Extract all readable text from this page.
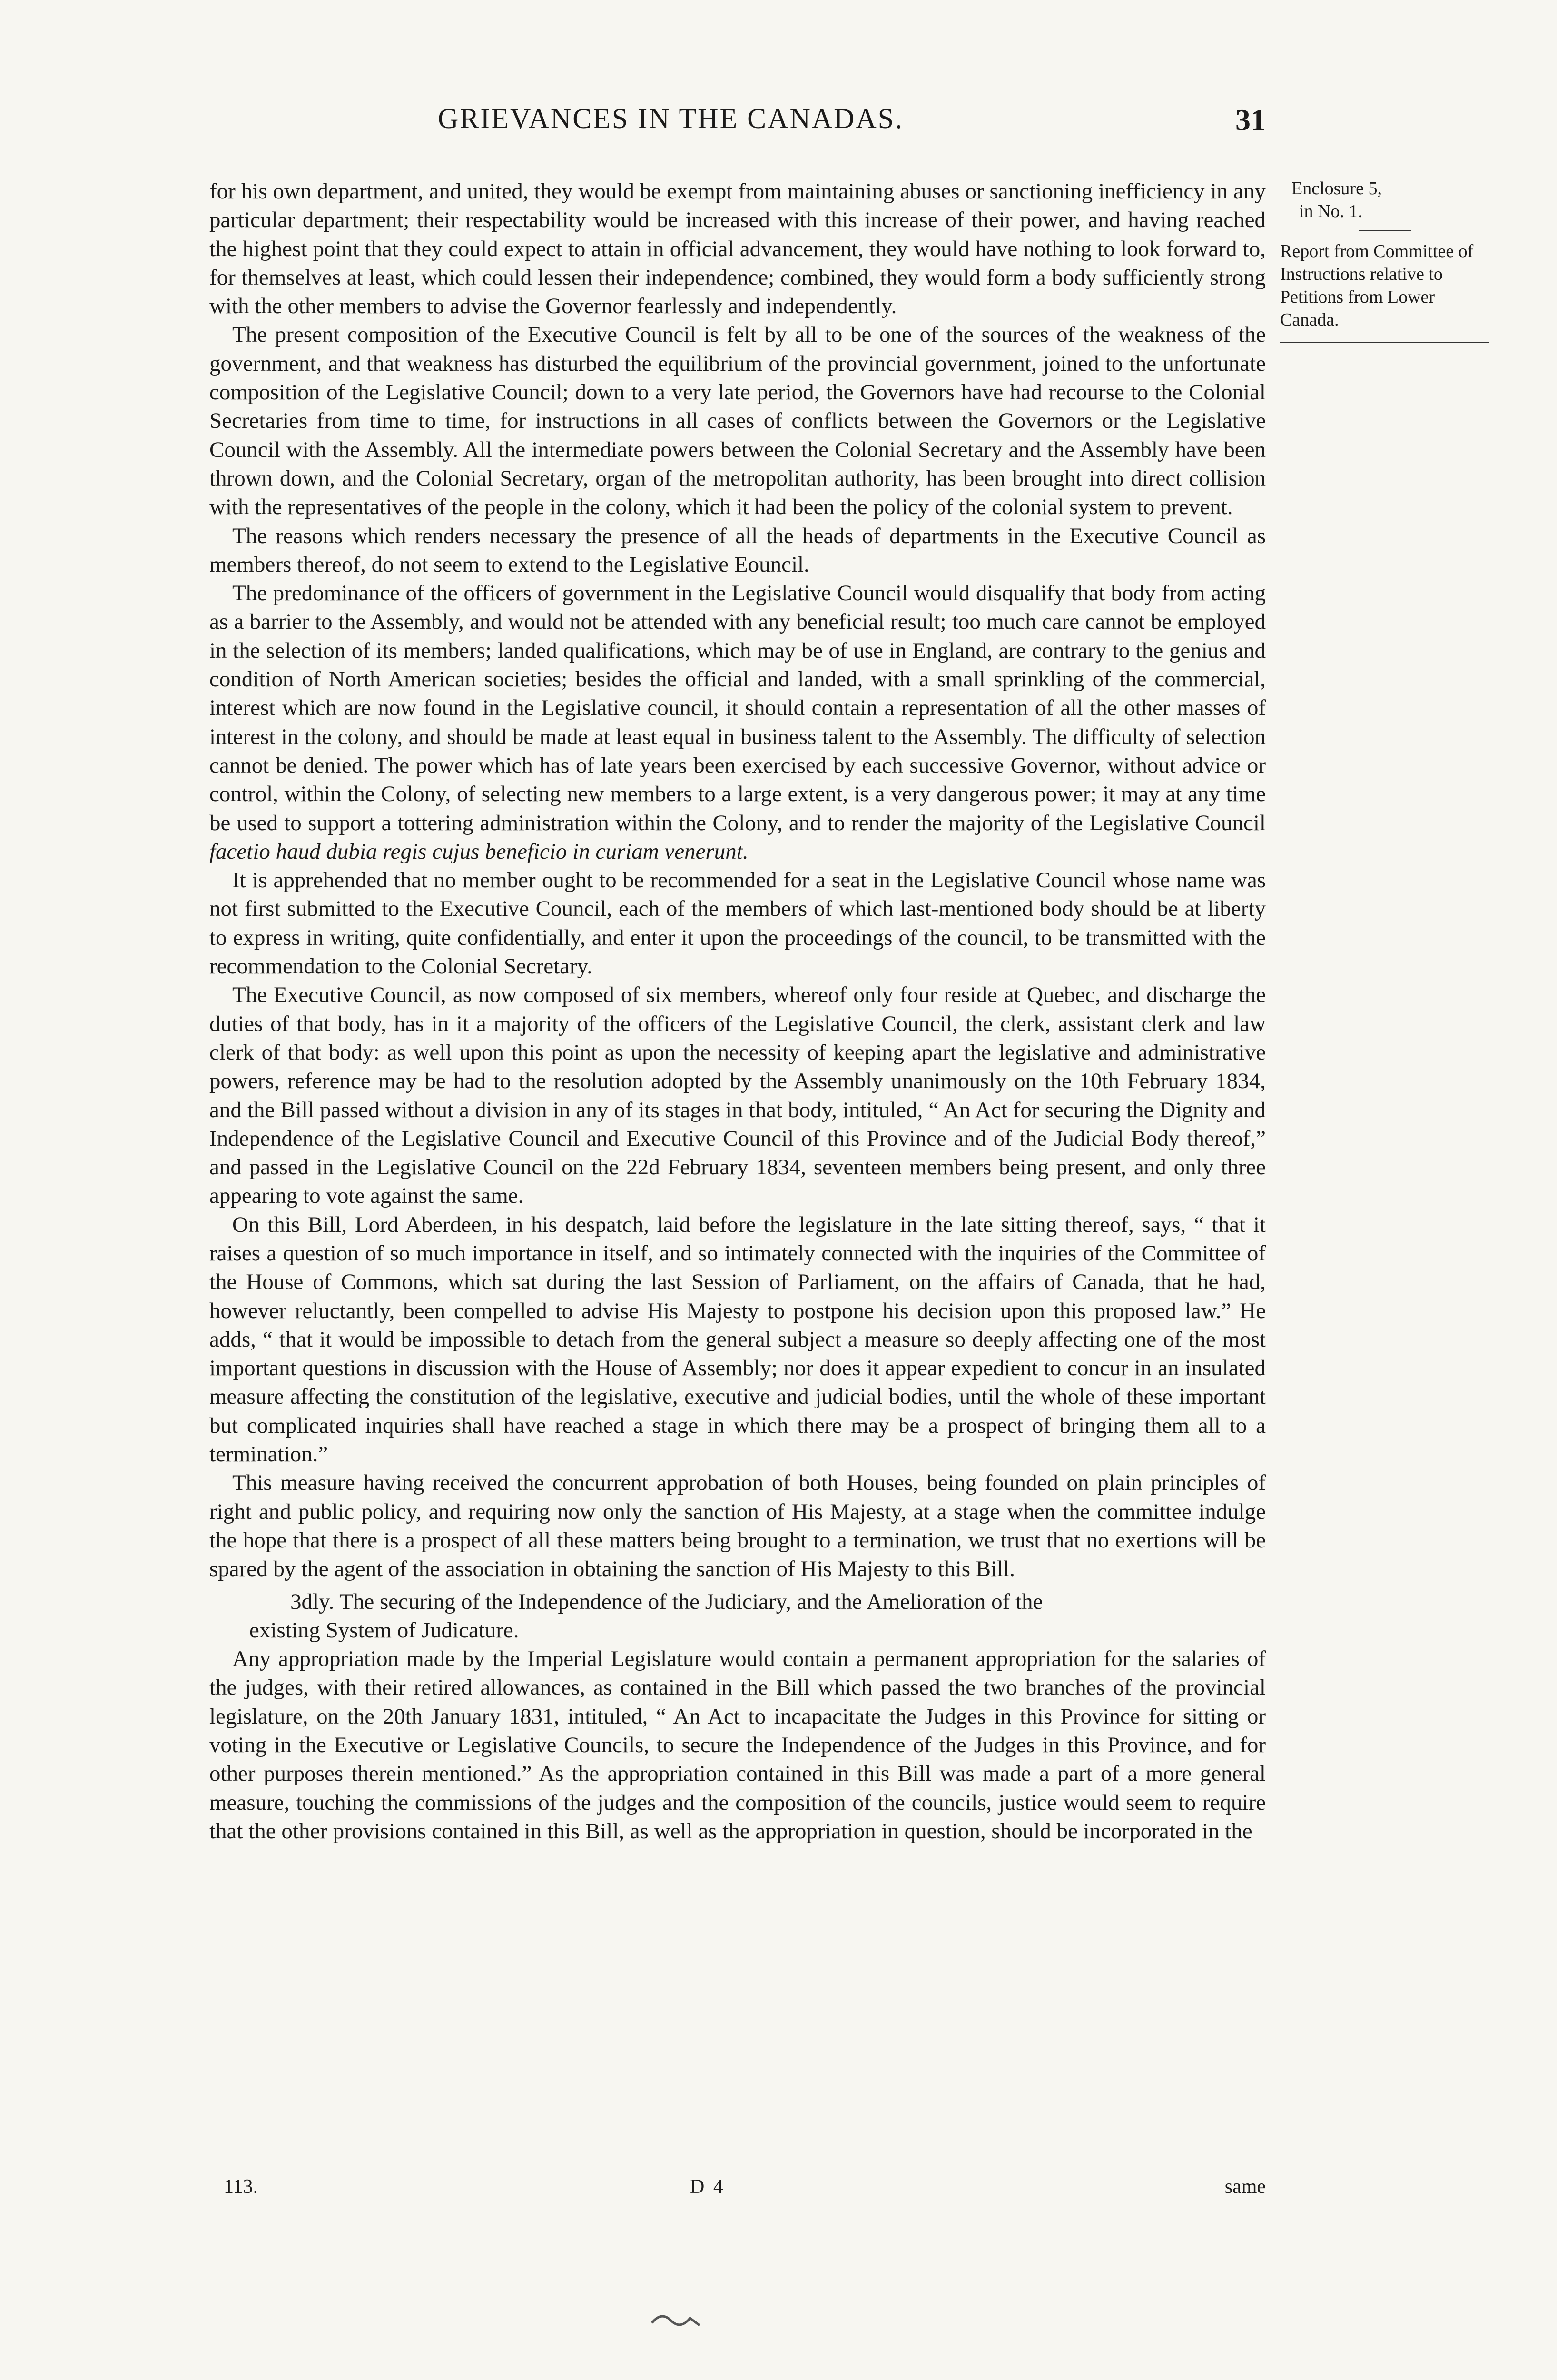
GRIEVANCES IN THE CANADAS.	31

Enclosure 5,

in No. 1.

Report from Committee of Instructions relative to Petitions from Lower Canada.

for his own department, and united, they would be exempt from maintaining abuses or sanctioning inefficiency in any particular department; their respectability would be increased with this increase of their power, and having reached the highest point that they could expect to attain in official advancement, they would have nothing to look forward to, for themselves at least, which could lessen their independence; combined, they would form a body sufficiently strong with the other members to advise the Governor fearlessly and independently.

The present composition of the Executive Council is felt by all to be one of the sources of the weakness of the government, and that weakness has disturbed the equilibrium of the provincial government, joined to the unfortunate composition of the Legislative Council; down to a very late period, the Governors have had recourse to the Colonial Secretaries from time to time, for instructions in all cases of conflicts between the Governors or the Legislative Council with the Assembly. All the intermediate powers between the Colonial Secretary and the Assembly have been thrown down, and the Colonial Secretary, organ of the metropolitan authority, has been brought into direct collision with the representatives of the people in the colony, which it had been the policy of the colonial system to prevent.

The reasons which renders necessary the presence of all the heads of departments in the Executive Council as members thereof, do not seem to extend to the Legislative Eouncil.

The predominance of the officers of government in the Legislative Council would disqualify that body from acting as a barrier to the Assembly, and would not be attended with any beneficial result; too much care cannot be employed in the selection of its members; landed qualifications, which may be of use in England, are contrary to the genius and condition of North American societies; besides the official and landed, with a small sprinkling of the commercial, interest which are now found in the Legislative council, it should contain a representation of all the other masses of interest in the colony, and should be made at least equal in business talent to the Assembly. The difficulty of selection cannot be denied. The power which has of late years been exercised by each successive Governor, without advice or control, within the Colony, of selecting new members to a large extent, is a very dangerous power; it may at any time be used to support a tottering administration within the Colony, and to render the majority of the Legislative Council facetio haud dubia regis cujus beneficio in curiam venerunt.

It is apprehended that no member ought to be recommended for a seat in the Legislative Council whose name was not first submitted to the Executive Council, each of the members of which last-mentioned body should be at liberty to express in writing, quite confidentially, and enter it upon the proceedings of the council, to be transmitted with the recommendation to the Colonial Secretary.

The Executive Council, as now composed of six members, whereof only four reside at Quebec, and discharge the duties of that body, has in it a majority of the officers of the Legislative Council, the clerk, assistant clerk and law clerk of that body: as well upon this point as upon the necessity of keeping apart the legislative and administrative powers, reference may be had to the resolution adopted by the Assembly unanimously on the 10th February 1834, and the Bill passed without a division in any of its stages in that body, intituled, “ An Act for securing the Dignity and Independence of the Legislative Council and Executive Council of this Province and of the Judicial Body thereof,” and passed in the Legislative Council on the 22d February 1834, seventeen members being present, and only three appearing to vote against the same.

On this Bill, Lord Aberdeen, in his despatch, laid before the legislature in the late sitting thereof, says, “ that it raises a question of so much importance in itself, and so intimately connected with the inquiries of the Committee of the House of Commons, which sat during the last Session of Parliament, on the affairs of Canada, that he had, however reluctantly, been compelled to advise His Majesty to postpone his decision upon this proposed law.” He adds, “ that it would be impossible to detach from the general subject a measure so deeply affecting one of the most important questions in discussion with the House of Assembly; nor does it appear expedient to concur in an insulated measure affecting the constitution of the legislative, executive and judicial bodies, until the whole of these important but complicated inquiries shall have reached a stage in which there may be a prospect of bringing them all to a termination.”

This measure having received the concurrent approbation of both Houses, being founded on plain principles of right and public policy, and requiring now only the sanction of His Majesty, at a stage when the committee indulge the hope that there is a prospect of all these matters being brought to a termination, we trust that no exertions will be spared by the agent of the association in obtaining the sanction of His Majesty to this Bill.

3dly. The securing of the Independence of the Judiciary, and the Amelioration of the
existing System of Judicature.

Any appropriation made by the Imperial Legislature would contain a permanent appropriation for the salaries of the judges, with their retired allowances, as contained in the Bill which passed the two branches of the provincial legislature, on the 20th January 1831, intituled, “ An Act to incapacitate the Judges in this Province for sitting or voting in the Executive or Legislative Councils, to secure the Independence of the Judges in this Province, and for other purposes therein mentioned.” As the appropriation contained in this Bill was made a part of a more general measure, touching the commissions of the judges and the composition of the councils, justice would seem to require that the other provisions contained in this Bill, as well as the appropriation in question, should be incorporated in the

113.	D 4	same
